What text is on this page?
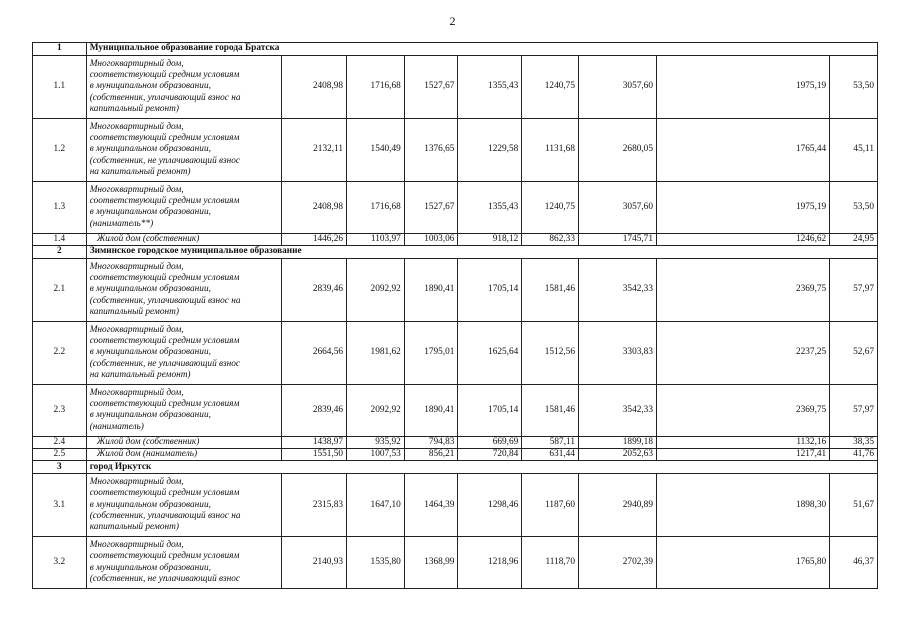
2
1	Муниципальное образование города Братска								
1.1	Многоквартирный дом,
соответствующий средним условиям
в муниципальном образовании,
(собственник, уплачивающий взнос на
капитальный ремонт)	2408,98	1716,68	1527,67	1355,43	1240,75	3057,60	1975,19	53,50
1.2	Многоквартирный дом,
соответствующий средним условиям
в муниципальном образовании,
(собственник, не уплачивающий взнос
на капитальный ремонт)	2132,11	1540,49	1376,65	1229,58	1131,68	2680,05	1765,44	45,11
1.3	Многоквартирный дом,
соответствующий средним условиям
в муниципальном образовании,
(наниматель**)	2408,98	1716,68	1527,67	1355,43	1240,75	3057,60	1975,19	53,50
1.4	Жилой дом (собственник)	1446,26	1103,97	1003,06	918,12	862,33	1745,71	1246,62	24,95
2	Зиминское городское муниципальное образование								
2.1	Многоквартирный дом,
соответствующий средним условиям
в муниципальном образовании,
(собственник, уплачивающий взнос на
капитальный ремонт)	2839,46	2092,92	1890,41	1705,14	1581,46	3542,33	2369,75	57,97
2.2	Многоквартирный дом,
соответствующий средним условиям
в муниципальном образовании,
(собственник, не уплачивающий взнос
на капитальный ремонт)	2664,56	1981,62	1795,01	1625,64	1512,56	3303,83	2237,25	52,67
2.3	Многоквартирный дом,
соответствующий средним условиям
в муниципальном образовании,
(наниматель)	2839,46	2092,92	1890,41	1705,14	1581,46	3542,33	2369,75	57,97
2.4	Жилой дом (собственник)	1438,97	935,92	794,83	669,69	587,11	1899,18	1132,16	38,35
2.5	Жилой дом (наниматель)	1551,50	1007,53	856,21	720,84	631,44	2052,63	1217,41	41,76
3	город Иркутск								
3.1	Многоквартирный дом,
соответствующий средним условиям
в муниципальном образовании,
(собственник, уплачивающий взнос на
капитальный ремонт)	2315,83	1647,10	1464,39	1298,46	1187,60	2940,89	1898,30	51,67
3.2	Многоквартирный дом,
соответствующий средним условиям
в муниципальном образовании,
(собственник, не уплачивающий взнос	2140,93	1535,80	1368,99	1218,96	1118,70	2702,39	1765,80	46,37
